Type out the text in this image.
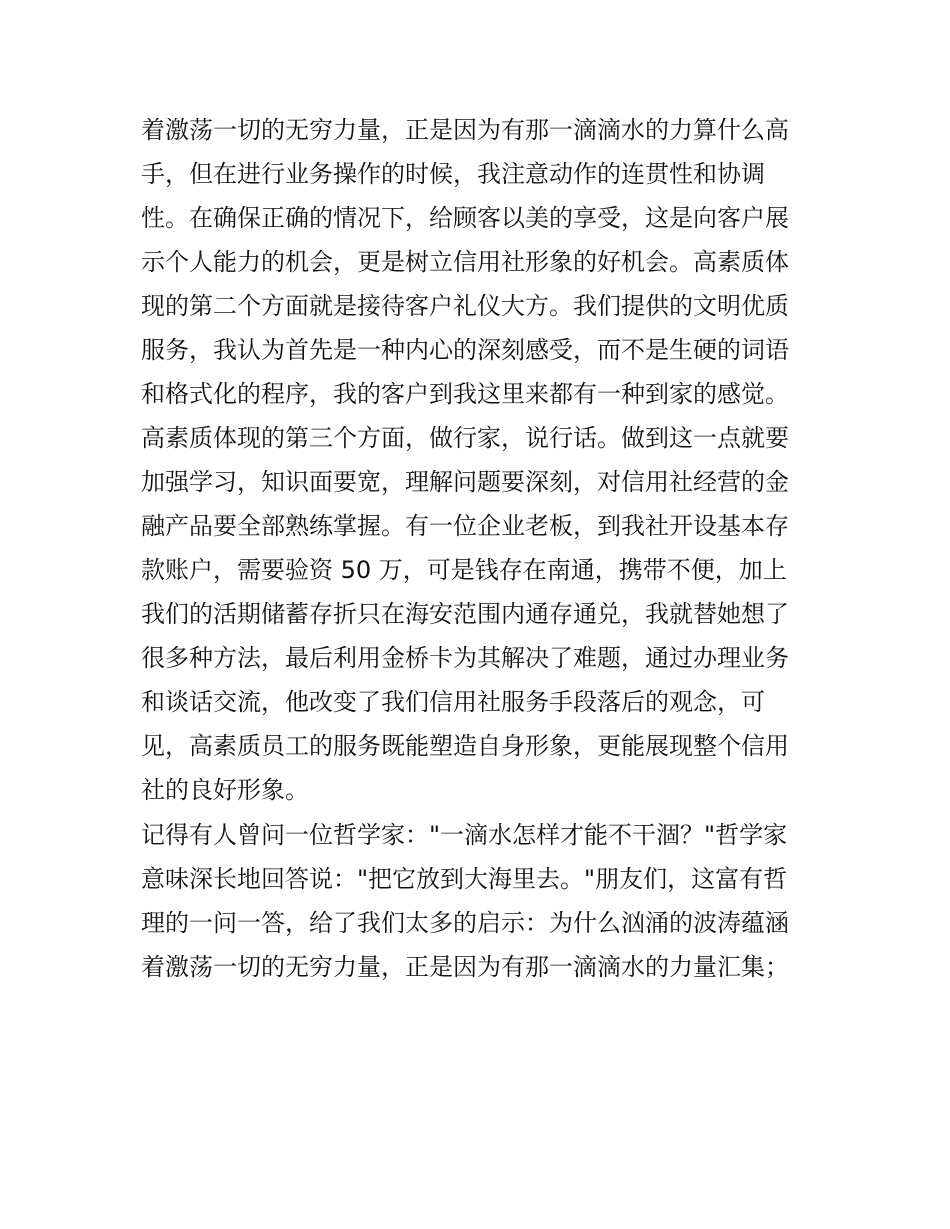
着激荡一切的无穷力量，正是因为有那一滴滴水的力算什么高
手，但在进行业务操作的时候，我注意动作的连贯性和协调
性。在确保正确的情况下，给顾客以美的享受，这是向客户展
示个人能力的机会，更是树立信用社形象的好机会。高素质体
现的第二个方面就是接待客户礼仪大方。我们提供的文明优质
服务，我认为首先是一种内心的深刻感受，而不是生硬的词语
和格式化的程序，我的客户到我这里来都有一种到家的感觉。
高素质体现的第三个方面，做行家，说行话。做到这一点就要
加强学习，知识面要宽，理解问题要深刻，对信用社经营的金
融产品要全部熟练掌握。有一位企业老板，到我社开设基本存
款账户，需要验资 50 万，可是钱存在南通，携带不便，加上
我们的活期储蓄存折只在海安范围内通存通兑，我就替她想了
很多种方法，最后利用金桥卡为其解决了难题，通过办理业务
和谈话交流，他改变了我们信用社服务手段落后的观念，可
见，高素质员工的服务既能塑造自身形象，更能展现整个信用
社的良好形象。
记得有人曾问一位哲学家："一滴水怎样才能不干涸？"哲学家
意味深长地回答说："把它放到大海里去。"朋友们，这富有哲
理的一问一答，给了我们太多的启示：为什么汹涌的波涛蕴涵
着激荡一切的无穷力量，正是因为有那一滴滴水的力量汇集；
